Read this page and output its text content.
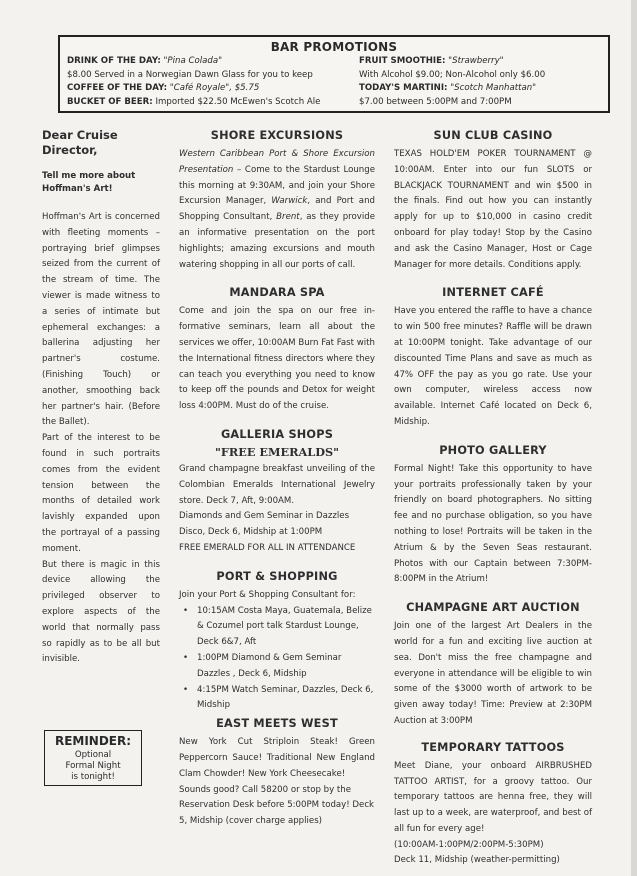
BAR PROMOTIONS
DRINK OF THE DAY: "Pina Colada"
$8.00 Served in a Norwegian Dawn Glass for you to keep
COFFEE OF THE DAY: "Café Royale", $5.75
BUCKET OF BEER: Imported $22.50 McEwen's Scotch Ale
FRUIT SMOOTHIE: "Strawberry"
With Alcohol $9.00; Non-Alcohol only $6.00
TODAY'S MARTINI: "Scotch Manhattan"
$7.00 between 5:00PM and 7:00PM
Dear Cruise Director,
Tell me more about Hoffman's Art!

Hoffman's Art is concerned with fleeting moments – portraying brief glimpses seized from the current of the stream of time. The viewer is made witness to a series of intimate but ephemeral exchanges: a ballerina adjusting her partner's costume. (Finishing Touch) or another, smoothing back her partner's hair. (Before the Ballet).

Part of the interest to be found in such portraits comes from the evident tension between the months of detailed work lavishly expanded upon the portrayal of a passing moment.

But there is magic in this device allowing the privileged observer to explore aspects of the world that normally pass so rapidly as to be all but invisible.

REMINDER:
Optional
Formal Night
is tonight!
SHORE EXCURSIONS

Western Caribbean Port & Shore Excursion Presentation – Come to the Stardust Lounge this morning at 9:30AM, and join your Shore Excursion Manager, Warwick, and Port and Shopping Consultant, Brent, as they provide an informative presentation on the port highlights; amazing excursions and mouth watering shopping in all our ports of call.

MANDARA SPA

Come and join the spa on our free in-formative seminars, learn all about the services we offer, 10:00AM Burn Fat Fast with the International fitness directors where they can teach you everything you need to know to keep off the pounds and Detox for weight loss 4:00PM. Must do of the cruise.

GALLERIA SHOPS
"FREE EMERALDS"

Grand champagne breakfast unveiling of the Colombian Emeralds International Jewelry store. Deck 7, Aft, 9:00AM.

Diamonds and Gem Seminar in Dazzles Disco, Deck 6, Midship at 1:00PM

FREE EMERALD FOR ALL IN ATTENDANCE

PORT & SHOPPING

Join your Port & Shopping Consultant for:

• 10:15AM Costa Maya, Guatemala, Belize & Cozumel port talk Stardust Lounge, Deck 6&7, Aft
• 1:00PM Diamond & Gem Seminar Dazzles , Deck 6, Midship
• 4:15PM Watch Seminar, Dazzles, Deck 6, Midship
EAST MEETS WEST

New York Cut Striploin Steak! Green Peppercorn Sauce! Traditional New England Clam Chowder! New York Cheesecake!

Sounds good? Call 58200 or stop by the Reservation Desk before 5:00PM today! Deck 5, Midship (cover charge applies)

SUN CLUB CASINO

TEXAS HOLD'EM POKER TOURNAMENT @ 10:00AM. Enter into our fun SLOTS or BLACKJACK TOURNAMENT and win $500 in the finals. Find out how you can instantly apply for up to $10,000 in casino credit onboard for play today! Stop by the Casino and ask the Casino Manager, Host or Cage Manager for more details. Conditions apply.

INTERNET CAFÉ

Have you entered the raffle to have a chance to win 500 free minutes? Raffle will be drawn at 10:00PM tonight. Take advantage of our discounted Time Plans and save as much as 47% OFF the pay as you go rate. Use your own computer, wireless access now available. Internet Café located on Deck 6, Midship.

PHOTO GALLERY

Formal Night! Take this opportunity to have your portraits professionally taken by your friendly on board photographers. No sitting fee and no purchase obligation, so you have nothing to lose! Portraits will be taken in the Atrium & by the Seven Seas restaurant. Photos with our Captain between 7:30PM-8:00PM in the Atrium!

CHAMPAGNE ART AUCTION

Join one of the largest Art Dealers in the world for a fun and exciting live auction at sea. Don't miss the free champagne and everyone in attendance will be eligible to win some of the $3000 worth of artwork to be given away today! Time: Preview at 2:30PM Auction at 3:00PM

TEMPORARY TATTOOS

Meet Diane, your onboard AIRBRUSHED TATTOO ARTIST, for a groovy tattoo. Our temporary tattoos are henna free, they will last up to a week, are waterproof, and best of all fun for every age!

(10:00AM-1:00PM/2:00PM-5:30PM)

Deck 11, Midship (weather-permitting)
